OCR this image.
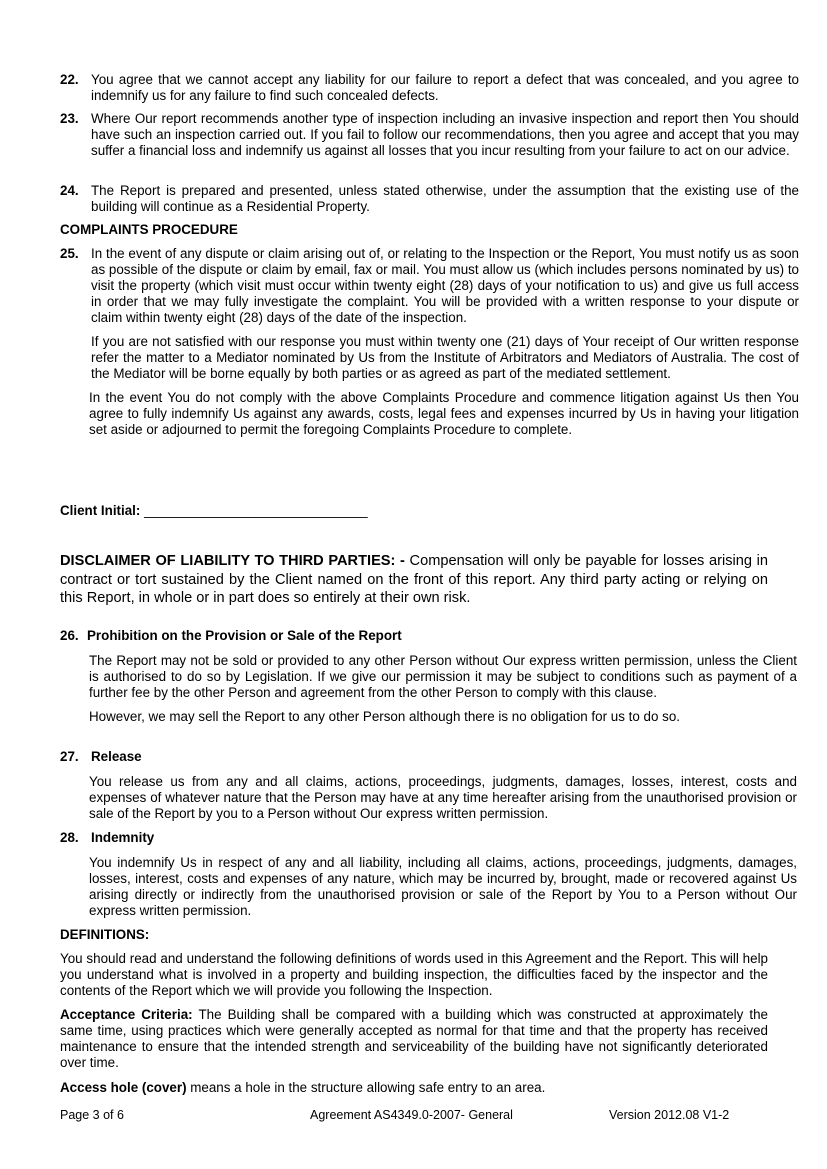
22. You agree that we cannot accept any liability for our failure to report a defect that was concealed, and you agree to indemnify us for any failure to find such concealed defects.

23. Where Our report recommends another type of inspection including an invasive inspection and report then You should have such an inspection carried out. If you fail to follow our recommendations, then you agree and accept that you may suffer a financial loss and indemnify us against all losses that you incur resulting from your failure to act on our advice.

24. The Report is prepared and presented, unless stated otherwise, under the assumption that the existing use of the building will continue as a Residential Property.

COMPLAINTS PROCEDURE
25. In the event of any dispute or claim arising out of, or relating to the Inspection or the Report, You must notify us as soon as possible of the dispute or claim by email, fax or mail. You must allow us (which includes persons nominated by us) to visit the property (which visit must occur within twenty eight (28) days of your notification to us) and give us full access in order that we may fully investigate the complaint. You will be provided with a written response to your dispute or claim within twenty eight (28) days of the date of the inspection.

If you are not satisfied with our response you must within twenty one (21) days of Your receipt of Our written response refer the matter to a Mediator nominated by Us from the Institute of Arbitrators and Mediators of Australia. The cost of the Mediator will be borne equally by both parties or as agreed as part of the mediated settlement.

In the event You do not comply with the above Complaints Procedure and commence litigation against Us then You agree to fully indemnify Us against any awards, costs, legal fees and expenses incurred by Us in having your litigation set aside or adjourned to permit the foregoing Complaints Procedure to complete.

Client Initial: ______________________________

DISCLAIMER OF LIABILITY TO THIRD PARTIES: - Compensation will only be payable for losses arising in contract or tort sustained by the Client named on the front of this report. Any third party acting or relying on this Report, in whole or in part does so entirely at their own risk.

26. Prohibition on the Provision or Sale of the Report

The Report may not be sold or provided to any other Person without Our express written permission, unless the Client is authorised to do so by Legislation. If we give our permission it may be subject to conditions such as payment of a further fee by the other Person and agreement from the other Person to comply with this clause.

However, we may sell the Report to any other Person although there is no obligation for us to do so.

27. Release

You release us from any and all claims, actions, proceedings, judgments, damages, losses, interest, costs and expenses of whatever nature that the Person may have at any time hereafter arising from the unauthorised provision or sale of the Report by you to a Person without Our express written permission.

28. Indemnity

You indemnify Us in respect of any and all liability, including all claims, actions, proceedings, judgments, damages, losses, interest, costs and expenses of any nature, which may be incurred by, brought, made or recovered against Us arising directly or indirectly from the unauthorised provision or sale of the Report by You to a Person without Our express written permission.

DEFINITIONS:

You should read and understand the following definitions of words used in this Agreement and the Report. This will help you understand what is involved in a property and building inspection, the difficulties faced by the inspector and the contents of the Report which we will provide you following the Inspection.

Acceptance Criteria: The Building shall be compared with a building which was constructed at approximately the same time, using practices which were generally accepted as normal for that time and that the property has received maintenance to ensure that the intended strength and serviceability of the building have not significantly deteriorated over time.

Access hole (cover) means a hole in the structure allowing safe entry to an area.

Page 3 of 6	Agreement AS4349.0-2007- General	Version 2012.08 V1-2
